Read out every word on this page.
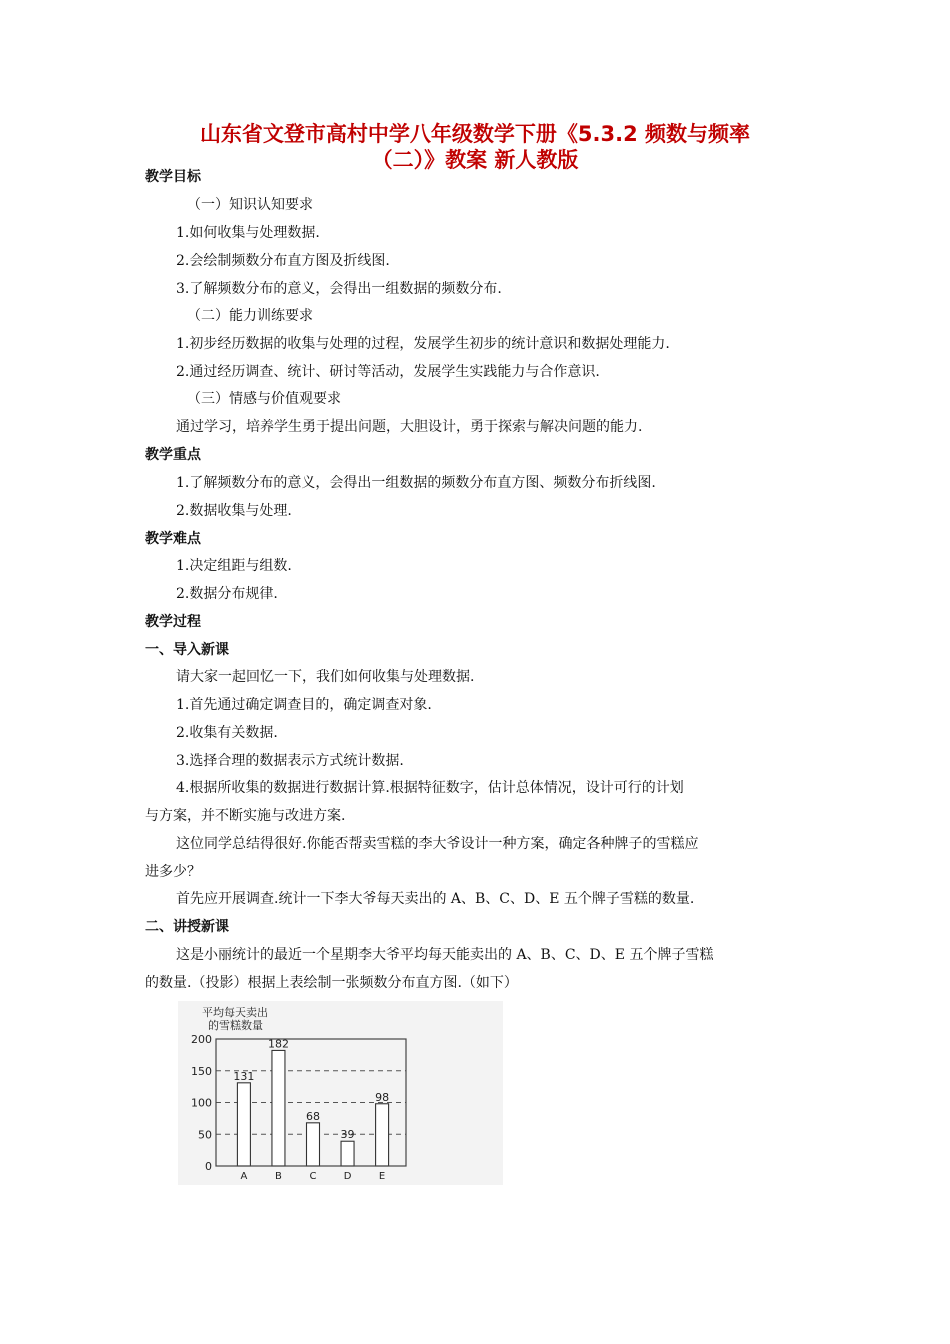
山东省文登市高村中学八年级数学下册《5.3.2 频数与频率
（二）》教案 新人教版
教学目标
（一）知识认知要求
1.如何收集与处理数据.
2.会绘制频数分布直方图及折线图.
3.了解频数分布的意义，会得出一组数据的频数分布.
（二）能力训练要求
1.初步经历数据的收集与处理的过程，发展学生初步的统计意识和数据处理能力.
2.通过经历调查、统计、研讨等活动，发展学生实践能力与合作意识.
（三）情感与价值观要求
通过学习，培养学生勇于提出问题，大胆设计，勇于探索与解决问题的能力.
教学重点
1.了解频数分布的意义，会得出一组数据的频数分布直方图、频数分布折线图.
2.数据收集与处理.
教学难点
1.决定组距与组数.
2.数据分布规律.
教学过程
一、导入新课
请大家一起回忆一下，我们如何收集与处理数据.
1.首先通过确定调查目的，确定调查对象.
2.收集有关数据.
3.选择合理的数据表示方式统计数据.
4.根据所收集的数据进行数据计算.根据特征数字，估计总体情况，设计可行的计划
与方案，并不断实施与改进方案.
这位同学总结得很好.你能否帮卖雪糕的李大爷设计一种方案，确定各种牌子的雪糕应
进多少？
首先应开展调查.统计一下李大爷每天卖出的 A、B、C、D、E 五个牌子雪糕的数量.
二、讲授新课
这是小丽统计的最近一个星期李大爷平均每天能卖出的 A、B、C、D、E 五个牌子雪糕
的数量.（投影）根据上表绘制一张频数分布直方图.（如下）
平均每天卖出
的雪糕数量
131
182
68
39
98
0
50
100
150
200
A	B	C	D	E
